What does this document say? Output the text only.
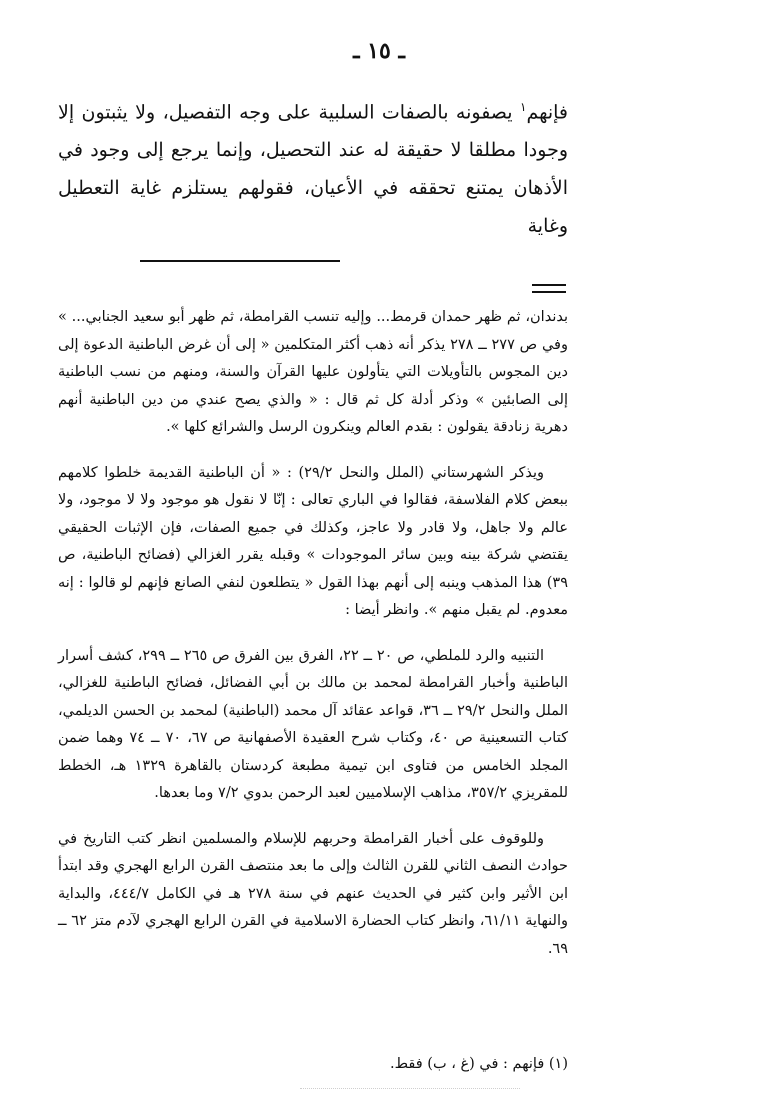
ـ ١٥ ـ

فإنهم$^١$ يصفونه بالصفات السلبية على وجه التفصيل، ولا يثبتون إلا وجودا مطلقا لا حقيقة له عند التحصيل، وإنما يرجع إلى وجود في الأذهان يمتنع تحققه في الأعيان، فقولهم يستلزم غاية التعطيل وغاية

بدندان، ثم ظهر حمدان قرمط... وإليه تنسب القرامطة، ثم ظهر أبو سعيد الجنابي... » وفي ص ٢٧٧ ــ ٢٧٨ يذكر أنه ذهب أكثر المتكلمين « إلى أن غرض الباطنية الدعوة إلى دين المجوس بالتأويلات التي يتأولون عليها القرآن والسنة، ومنهم من نسب الباطنية إلى الصابئين » وذكر أدلة كل ثم قال : « والذي يصح عندي من دين الباطنية أنهم دهرية زنادقة يقولون : بقدم العالم وينكرون الرسل والشرائع كلها ».

ويذكر الشهرستاني (الملل والنحل ٢٩/٢) : « أن الباطنية القديمة خلطوا كلامهم ببعض كلام الفلاسفة، فقالوا في الباري تعالى : إنّا لا نقول هو موجود ولا لا موجود، ولا عالم ولا جاهل، ولا قادر ولا عاجز، وكذلك في جميع الصفات، فإن الإثبات الحقيقي يقتضي شركة بينه وبين سائر الموجودات » وقبله يقرر الغزالي (فضائح الباطنية، ص ٣٩) هذا المذهب وينبه إلى أنهم بهذا القول « يتطلعون لنفي الصانع فإنهم لو قالوا : إنه معدوم. لم يقبل منهم ». وانظر أيضا :

التنبيه والرد للملطي، ص ٢٠ ــ ٢٢، الفرق بين الفرق ص ٢٦٥ ــ ٢٩٩، كشف أسرار الباطنية وأخبار القرامطة لمحمد بن مالك بن أبي الفضائل، فضائح الباطنية للغزالي، الملل والنحل ٢٩/٢ ــ ٣٦، قواعد عقائد آل محمد (الباطنية) لمحمد بن الحسن الديلمي، كتاب التسعينية ص ٤٠، وكتاب شرح العقيدة الأصفهانية ص ٦٧، ٧٠ ــ ٧٤ وهما ضمن المجلد الخامس من فتاوى ابن تيمية مطبعة كردستان بالقاهرة ١٣٢٩ هـ، الخطط للمقريزي ٣٥٧/٢، مذاهب الإسلاميين لعبد الرحمن بدوي ٧/٢ وما بعدها.

وللوقوف على أخبار القرامطة وحربهم للإسلام والمسلمين انظر كتب التاريخ في حوادث النصف الثاني للقرن الثالث وإلى ما بعد منتصف القرن الرابع الهجري وقد ابتدأ ابن الأثير وابن كثير في الحديث عنهم في سنة ٢٧٨ هـ في الكامل ٤٤٤/٧، والبداية والنهاية ٦١/١١، وانظر كتاب الحضارة الاسلامية في القرن الرابع الهجري لآدم متز ٦٢ ــ ٦٩.

(١) فإنهم : في (غ ، ب) فقط.
